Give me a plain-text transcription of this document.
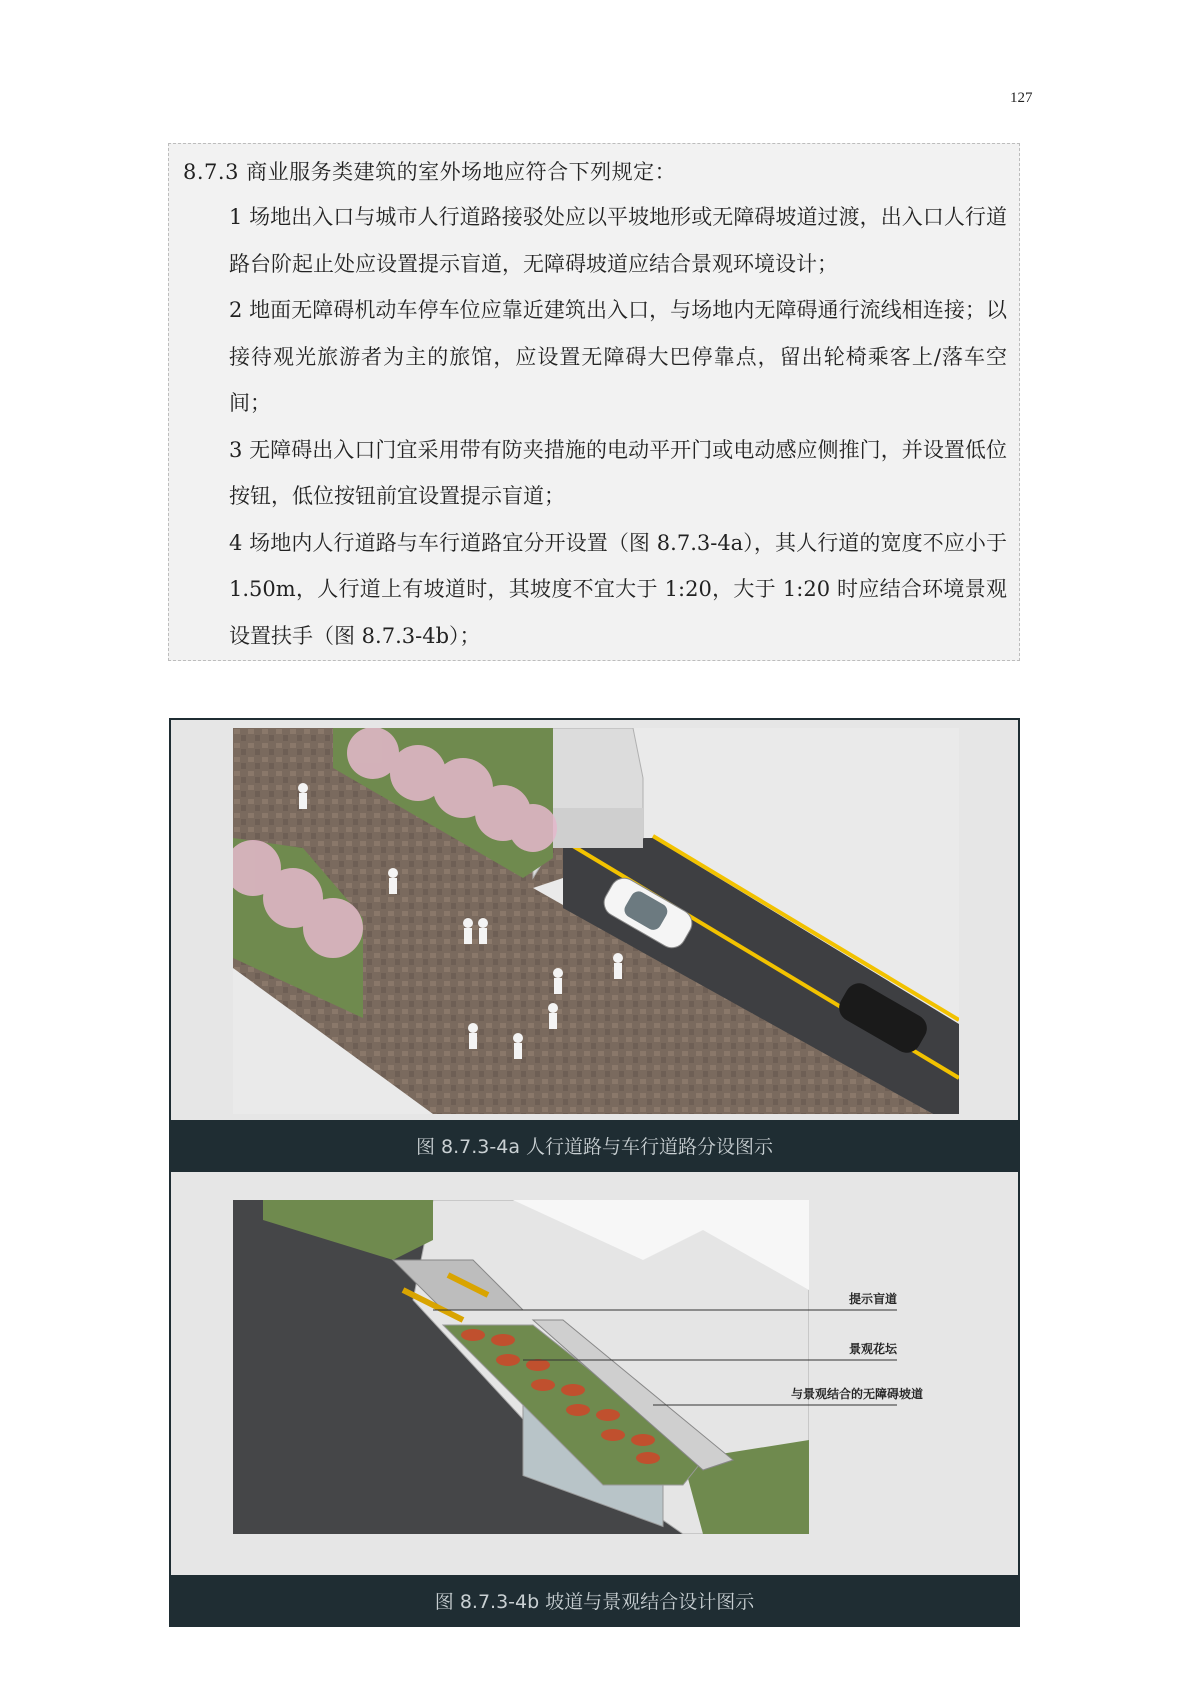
127
8.7.3 商业服务类建筑的室外场地应符合下列规定：
1 场地出入口与城市人行道路接驳处应以平坡地形或无障碍坡道过渡，出入口人行道路台阶起止处应设置提示盲道，无障碍坡道应结合景观环境设计；
2 地面无障碍机动车停车位应靠近建筑出入口，与场地内无障碍通行流线相连接；以接待观光旅游者为主的旅馆，应设置无障碍大巴停靠点，留出轮椅乘客上/落车空间；
3 无障碍出入口门宜采用带有防夹措施的电动平开门或电动感应侧推门，并设置低位按钮，低位按钮前宜设置提示盲道；
4 场地内人行道路与车行道路宜分开设置（图 8.7.3-4a），其人行道的宽度不应小于 1.50m，人行道上有坡道时，其坡度不宜大于 1:20，大于 1:20 时应结合环境景观设置扶手（图 8.7.3-4b）；
图 8.7.3-4a 人行道路与车行道路分设图示
提示盲道
景观花坛
与景观结合的无障碍坡道
图 8.7.3-4b 坡道与景观结合设计图示
